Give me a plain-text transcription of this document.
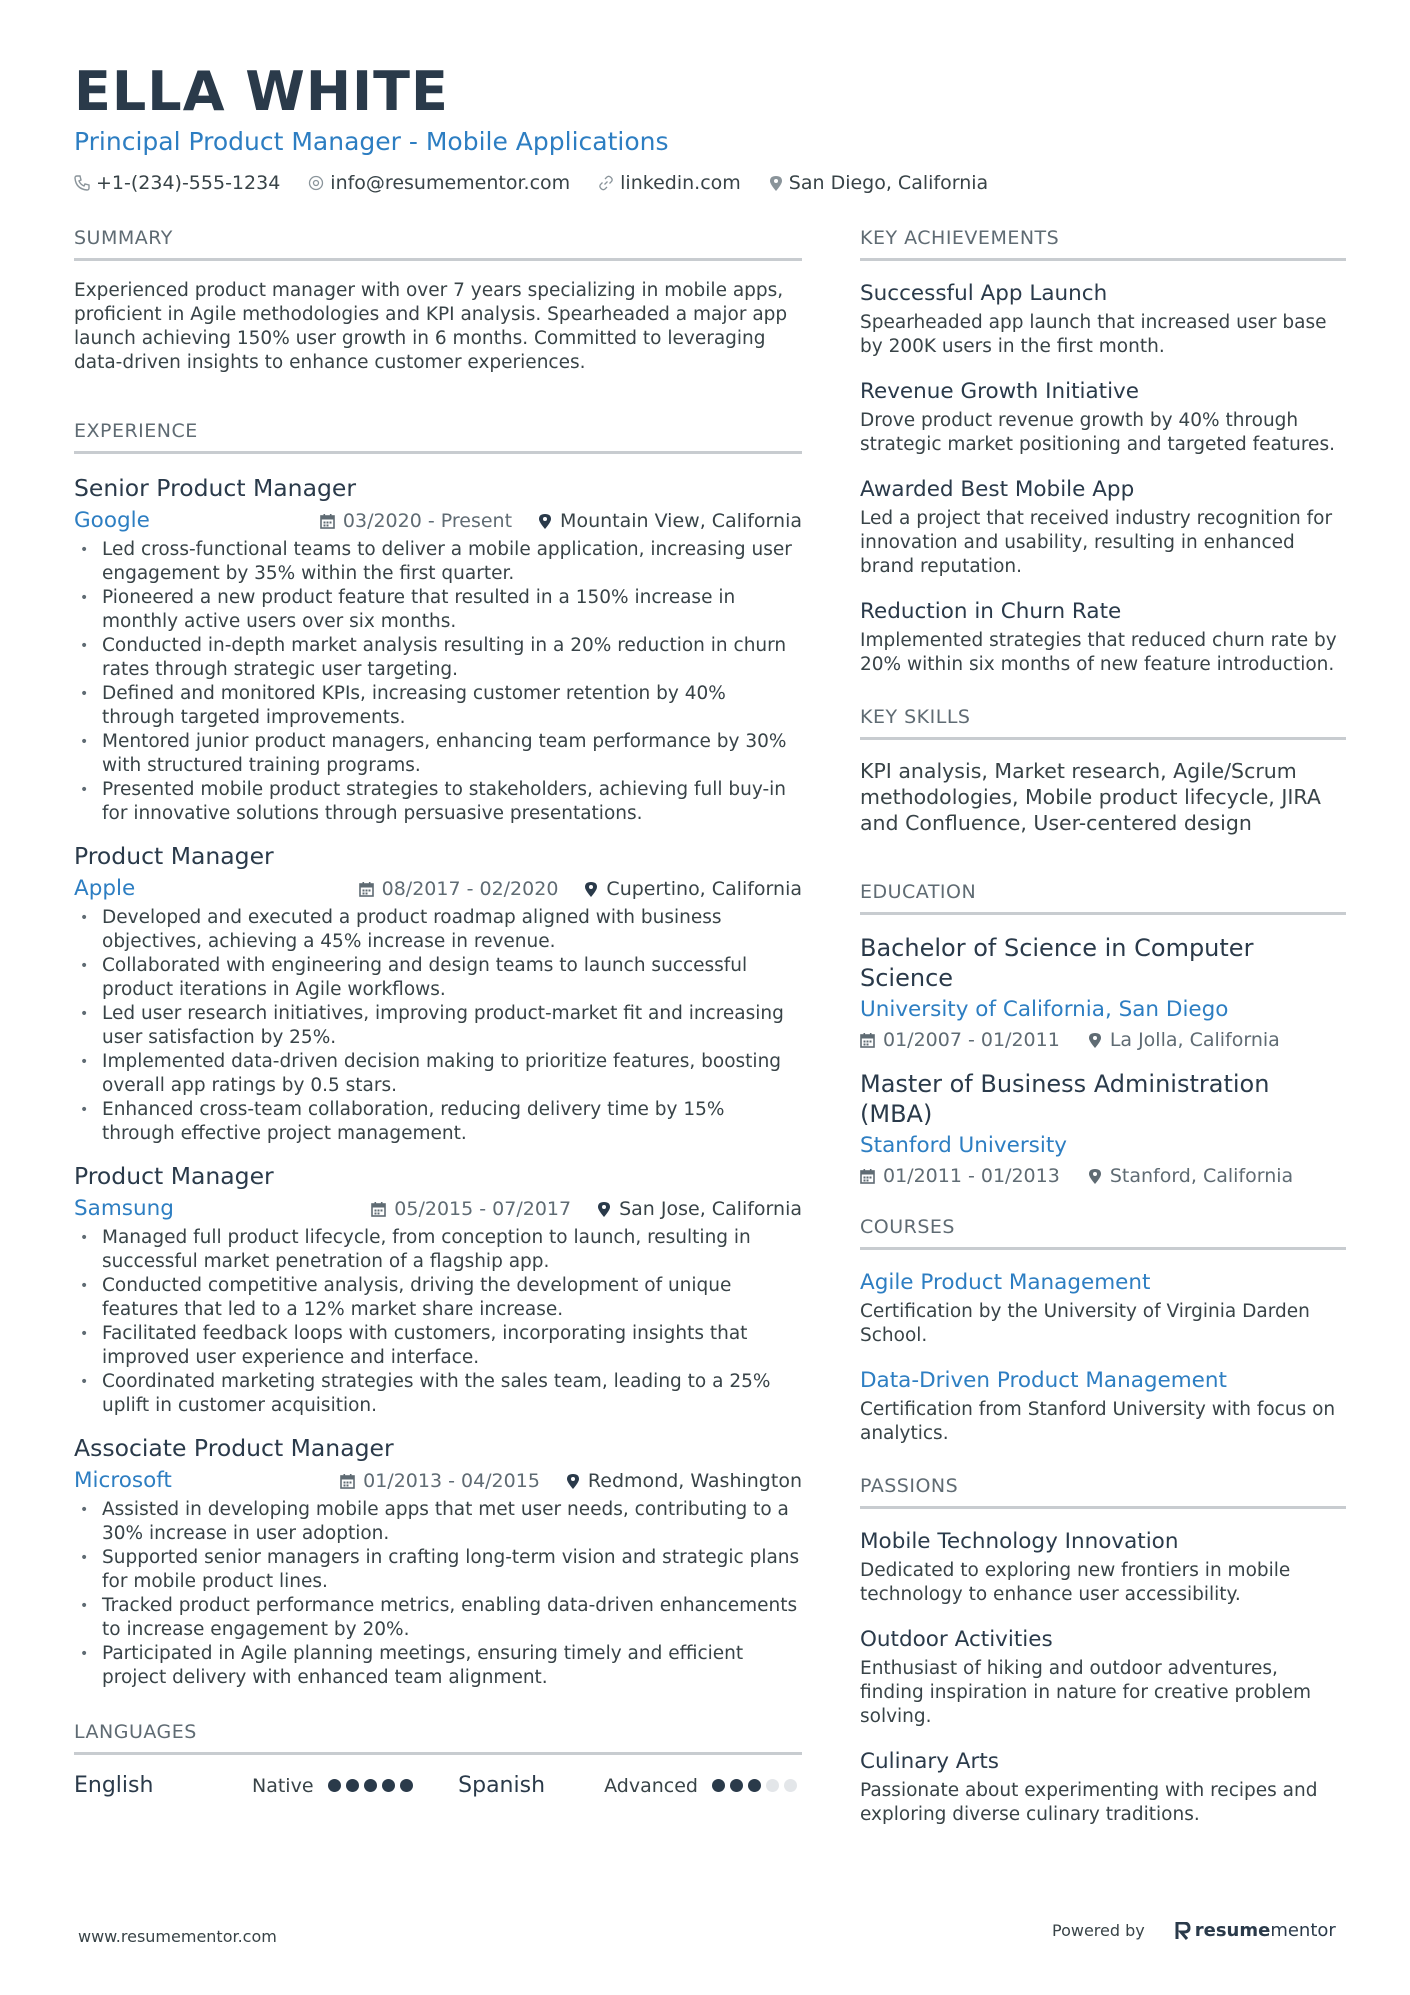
ELLA WHITE
Principal Product Manager - Mobile Applications
+1-(234)-555-1234	info@resumementor.com	linkedin.com	San Diego, California
SUMMARY
Experienced product manager with over 7 years specializing in mobile apps, proficient in Agile methodologies and KPI analysis. Spearheaded a major app launch achieving 150% user growth in 6 months. Committed to leveraging data-driven insights to enhance customer experiences.
EXPERIENCE
Senior Product Manager
Google	03/2020 - Present	Mountain View, California
• Led cross-functional teams to deliver a mobile application, increasing user engagement by 35% within the first quarter.
• Pioneered a new product feature that resulted in a 150% increase in monthly active users over six months.
• Conducted in-depth market analysis resulting in a 20% reduction in churn rates through strategic user targeting.
• Defined and monitored KPIs, increasing customer retention by 40% through targeted improvements.
• Mentored junior product managers, enhancing team performance by 30% with structured training programs.
• Presented mobile product strategies to stakeholders, achieving full buy-in for innovative solutions through persuasive presentations.
Product Manager
Apple	08/2017 - 02/2020	Cupertino, California
• Developed and executed a product roadmap aligned with business objectives, achieving a 45% increase in revenue.
• Collaborated with engineering and design teams to launch successful product iterations in Agile workflows.
• Led user research initiatives, improving product-market fit and increasing user satisfaction by 25%.
• Implemented data-driven decision making to prioritize features, boosting overall app ratings by 0.5 stars.
• Enhanced cross-team collaboration, reducing delivery time by 15% through effective project management.
Product Manager
Samsung	05/2015 - 07/2017	San Jose, California
• Managed full product lifecycle, from conception to launch, resulting in successful market penetration of a flagship app.
• Conducted competitive analysis, driving the development of unique features that led to a 12% market share increase.
• Facilitated feedback loops with customers, incorporating insights that improved user experience and interface.
• Coordinated marketing strategies with the sales team, leading to a 25% uplift in customer acquisition.
Associate Product Manager
Microsoft	01/2013 - 04/2015	Redmond, Washington
• Assisted in developing mobile apps that met user needs, contributing to a 30% increase in user adoption.
• Supported senior managers in crafting long-term vision and strategic plans for mobile product lines.
• Tracked product performance metrics, enabling data-driven enhancements to increase engagement by 20%.
• Participated in Agile planning meetings, ensuring timely and efficient project delivery with enhanced team alignment.
LANGUAGES
English	Native	Spanish	Advanced
KEY ACHIEVEMENTS
Successful App Launch
Spearheaded app launch that increased user base by 200K users in the first month.
Revenue Growth Initiative
Drove product revenue growth by 40% through strategic market positioning and targeted features.
Awarded Best Mobile App
Led a project that received industry recognition for innovation and usability, resulting in enhanced brand reputation.
Reduction in Churn Rate
Implemented strategies that reduced churn rate by 20% within six months of new feature introduction.
KEY SKILLS
KPI analysis, Market research, Agile/Scrum methodologies, Mobile product lifecycle, JIRA and Confluence, User-centered design
EDUCATION
Bachelor of Science in Computer Science
University of California, San Diego
01/2007 - 01/2011	La Jolla, California
Master of Business Administration (MBA)
Stanford University
01/2011 - 01/2013	Stanford, California
COURSES
Agile Product Management
Certification by the University of Virginia Darden School.
Data-Driven Product Management
Certification from Stanford University with focus on analytics.
PASSIONS
Mobile Technology Innovation
Dedicated to exploring new frontiers in mobile technology to enhance user accessibility.
Outdoor Activities
Enthusiast of hiking and outdoor adventures, finding inspiration in nature for creative problem solving.
Culinary Arts
Passionate about experimenting with recipes and exploring diverse culinary traditions.
www.resumementor.com	Powered by	resume mentor
